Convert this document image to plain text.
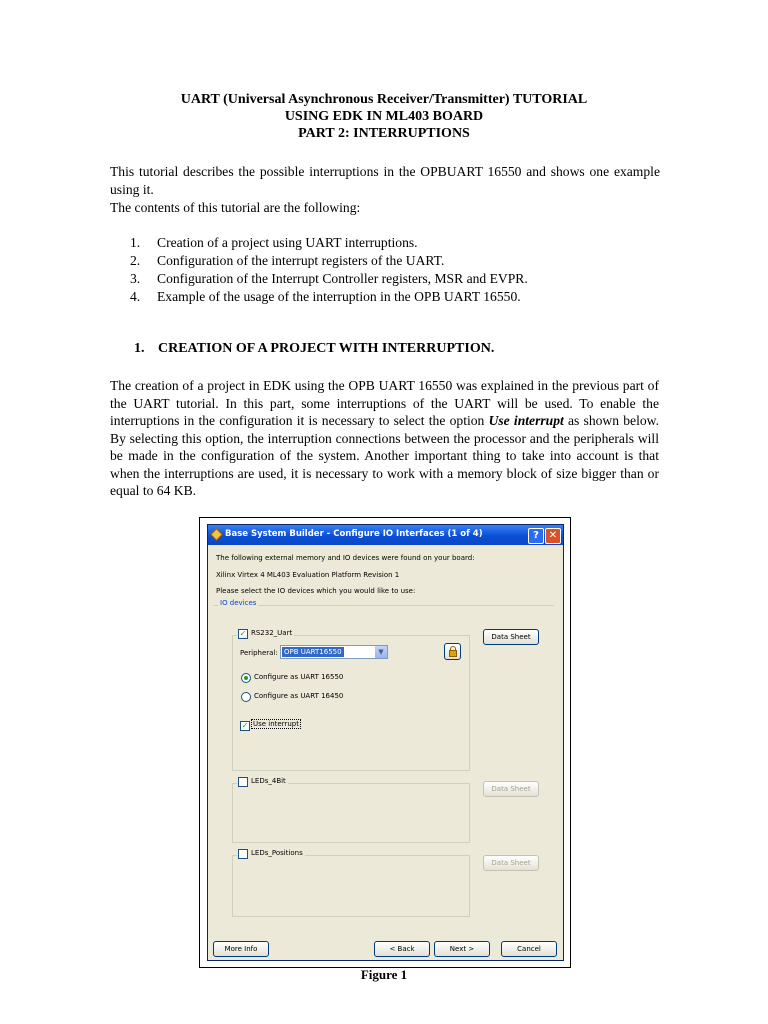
UART (Universal Asynchronous Receiver/Transmitter) TUTORIAL
USING EDK IN ML403 BOARD
PART 2: INTERRUPTIONS
This tutorial describes the possible interruptions in the OPBUART 16550 and shows one example using it.
The contents of this tutorial are the following:
1. Creation of a project using UART interruptions.
2. Configuration of the interrupt registers of the UART.
3. Configuration of the Interrupt Controller registers, MSR and EVPR.
4. Example of the usage of the interruption in the OPB UART 16550.
1. CREATION OF A PROJECT WITH INTERRUPTION.
The creation of a project in EDK using the OPB UART 16550 was explained in the previous part of the UART tutorial. In this part, some interruptions of the UART will be used. To enable the interruptions in the configuration it is necessary to select the option Use interrupt as shown below. By selecting this option, the interruption connections between the processor and the peripherals will be made in the configuration of the system. Another important thing to take into account is that when the interruptions are used, it is necessary to work with a memory block of size bigger than or equal to 64 KB.
Base System Builder - Configure IO Interfaces (1 of 4)	? ✕
The following external memory and IO devices were found on your board:
Xilinx Virtex 4 ML403 Evaluation Platform Revision 1
Please select the IO devices which you would like to use:
IO devices
✓ RS232_Uart	Data Sheet
Peripheral: OPB UART16550	▼
Configure as UART 16550
Configure as UART 16450
✓ Use interrupt
LEDs_4Bit
Data Sheet
LEDs_Positions
Data Sheet
More Info	< Back	Next >	Cancel
Figure 1
